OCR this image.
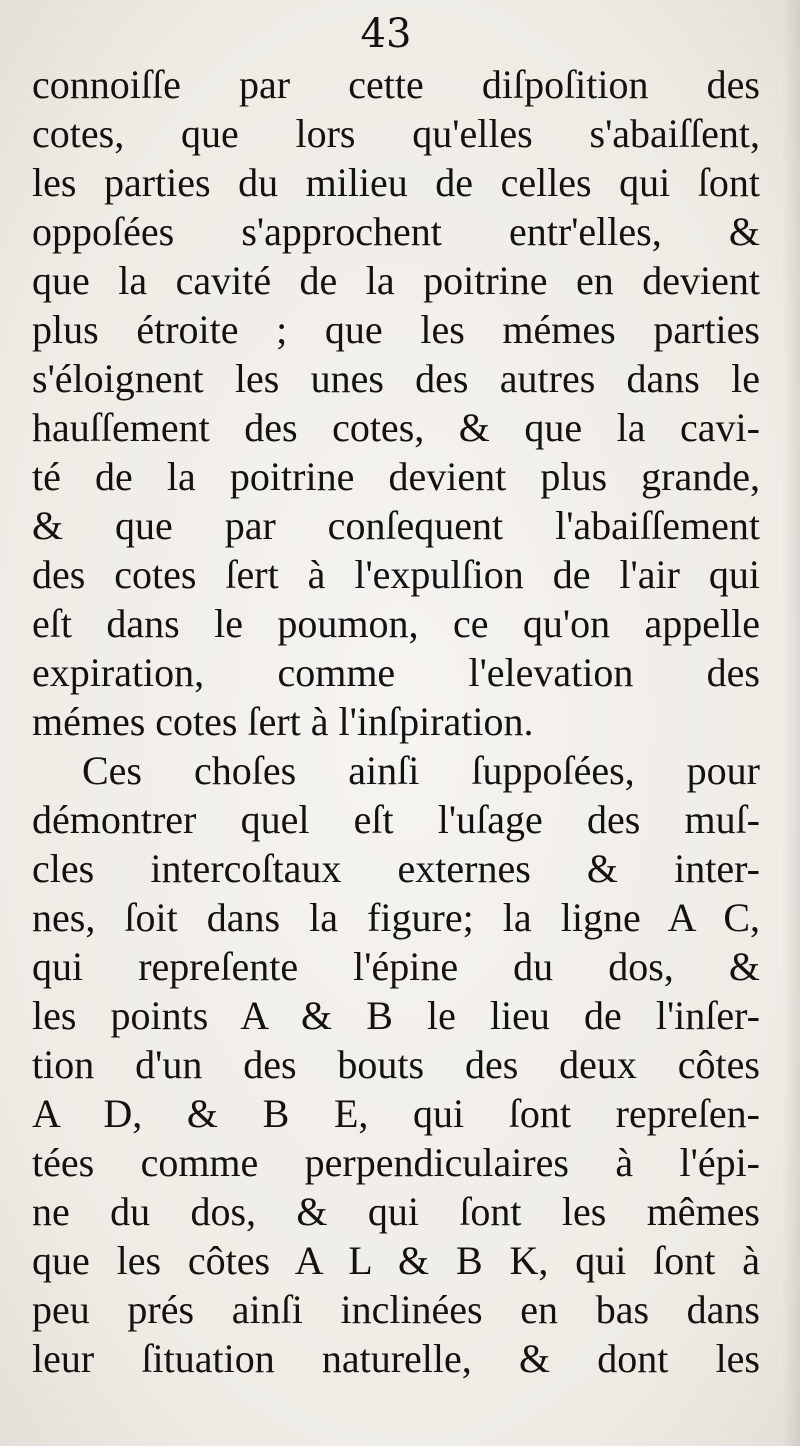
43
connoiſſe par cette diſpoſition des
cotes, que lors qu'elles s'abaiſſent,
les parties du milieu de celles qui ſont
oppoſées s'approchent entr'elles, &
que la cavité de la poitrine en devient
plus étroite ; que les mémes parties
s'éloignent les unes des autres dans le
hauſſement des cotes, & que la cavi-
té de la poitrine devient plus grande,
& que par conſequent l'abaiſſement
des cotes ſert à l'expulſion de l'air qui
eſt dans le poumon, ce qu'on appelle
expiration, comme l'elevation des
mémes cotes ſert à l'inſpiration.
Ces choſes ainſi ſuppoſées, pour
démontrer quel eſt l'uſage des muſ-
cles intercoſtaux externes & inter-
nes, ſoit dans la figure; la ligne A C,
qui repreſente l'épine du dos, &
les points A & B le lieu de l'inſer-
tion d'un des bouts des deux côtes
A D, & B E, qui ſont repreſen-
tées comme perpendiculaires à l'épi-
ne du dos, & qui ſont les mêmes
que les côtes A L & B K, qui ſont à
peu prés ainſi inclinées en bas dans
leur ſituation naturelle, & dont les
